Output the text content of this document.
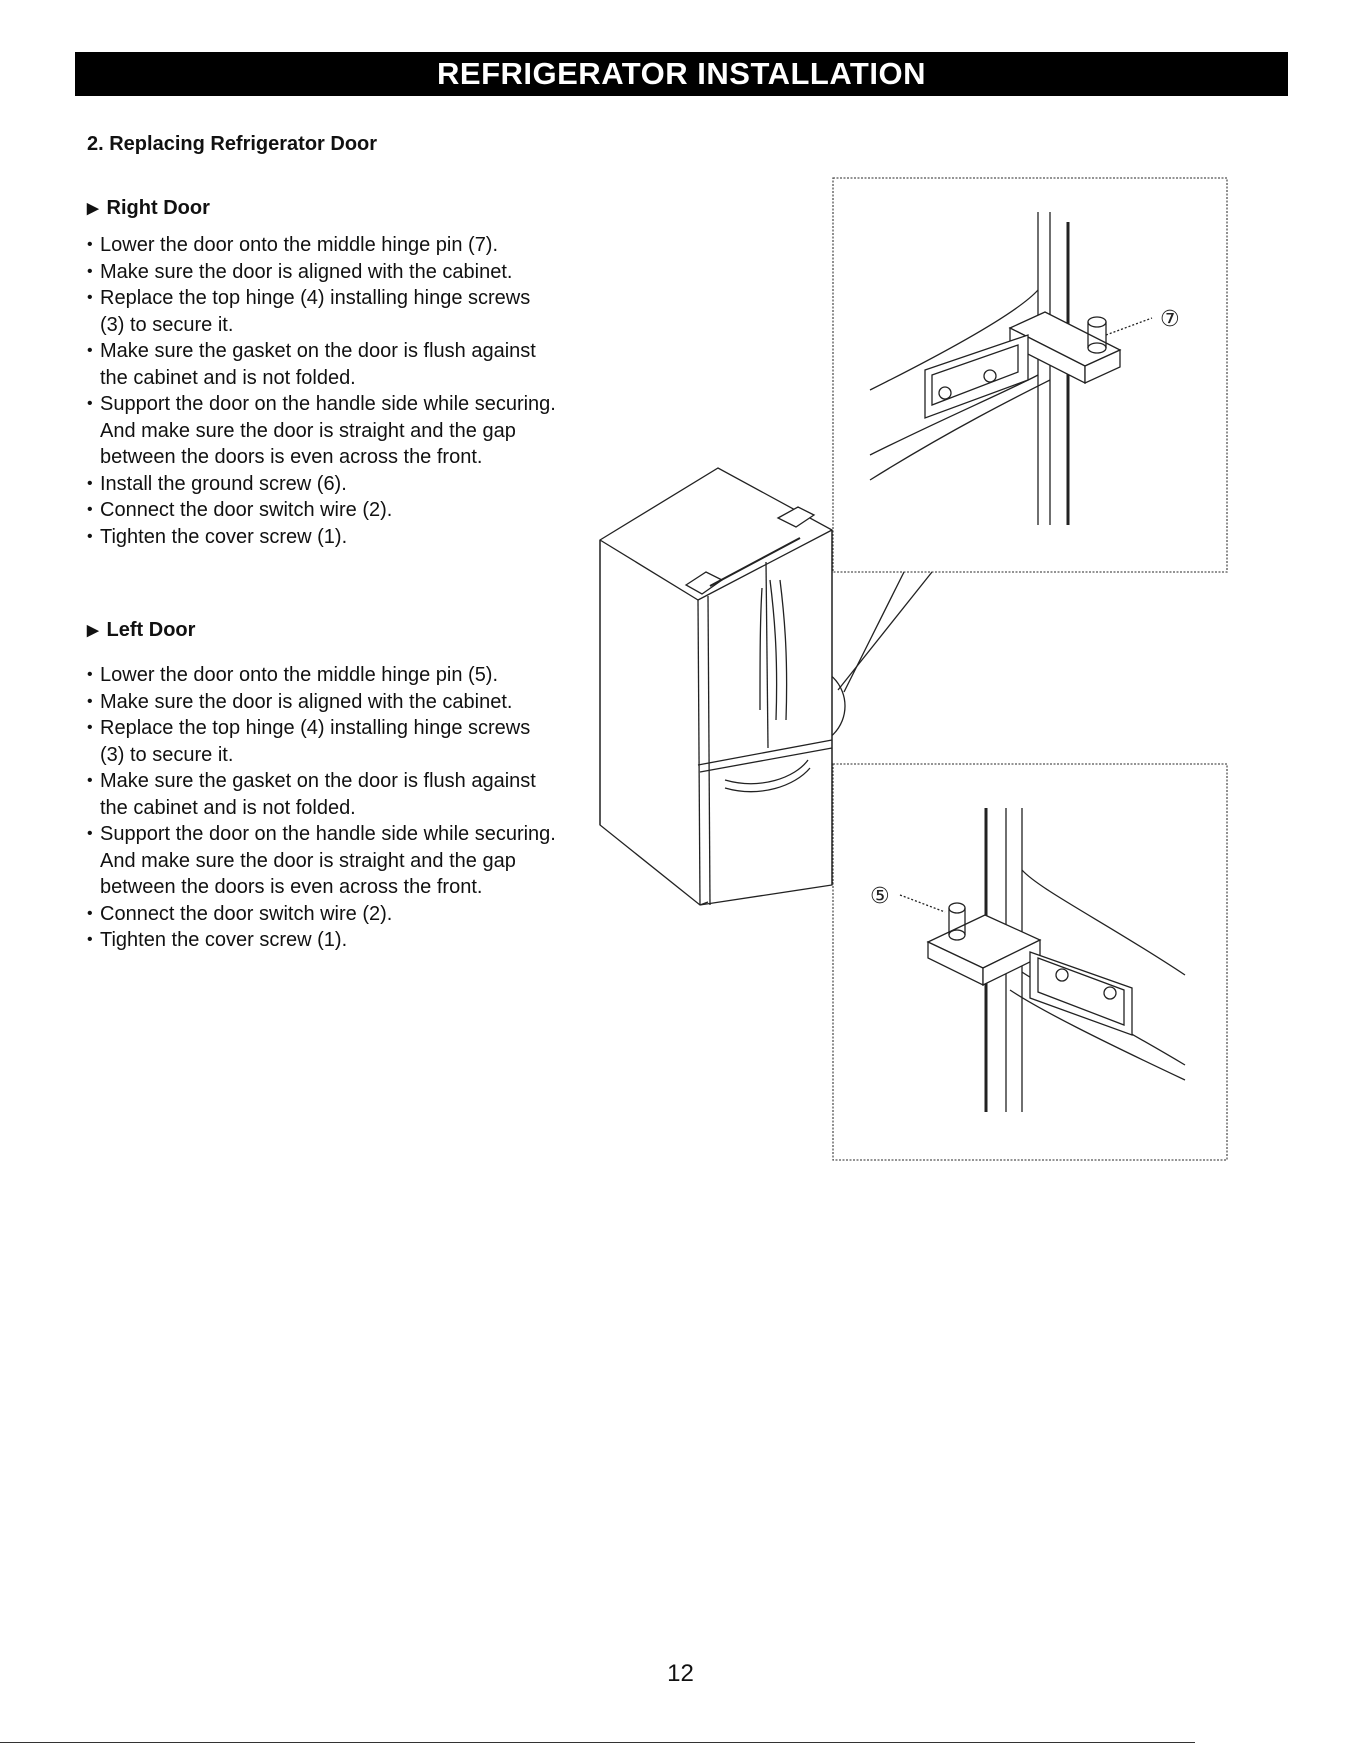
REFRIGERATOR INSTALLATION
2. Replacing Refrigerator Door
▶ Right Door
• Lower the door onto the middle hinge pin (7).
• Make sure the door is aligned with the cabinet.
• Replace the top hinge (4) installing hinge screws (3) to secure it.
• Make sure the gasket on the door is flush against the cabinet and is not folded.
• Support the door on the handle side while securing. And make sure the door is straight and the gap between the doors is even across the front.
• Install the ground screw (6).
• Connect the door switch wire (2).
• Tighten the cover screw (1).
▶ Left Door
• Lower the door onto the middle hinge pin (5).
• Make sure the door is aligned with the cabinet.
• Replace the top hinge (4) installing hinge screws (3) to secure it.
• Make sure the gasket on the door is flush against the cabinet and is not folded.
• Support the door on the handle side while securing. And make sure the door is straight and the gap between the doors is even across the front.
• Connect the door switch wire (2).
• Tighten the cover screw (1).
⑦
⑤
12
